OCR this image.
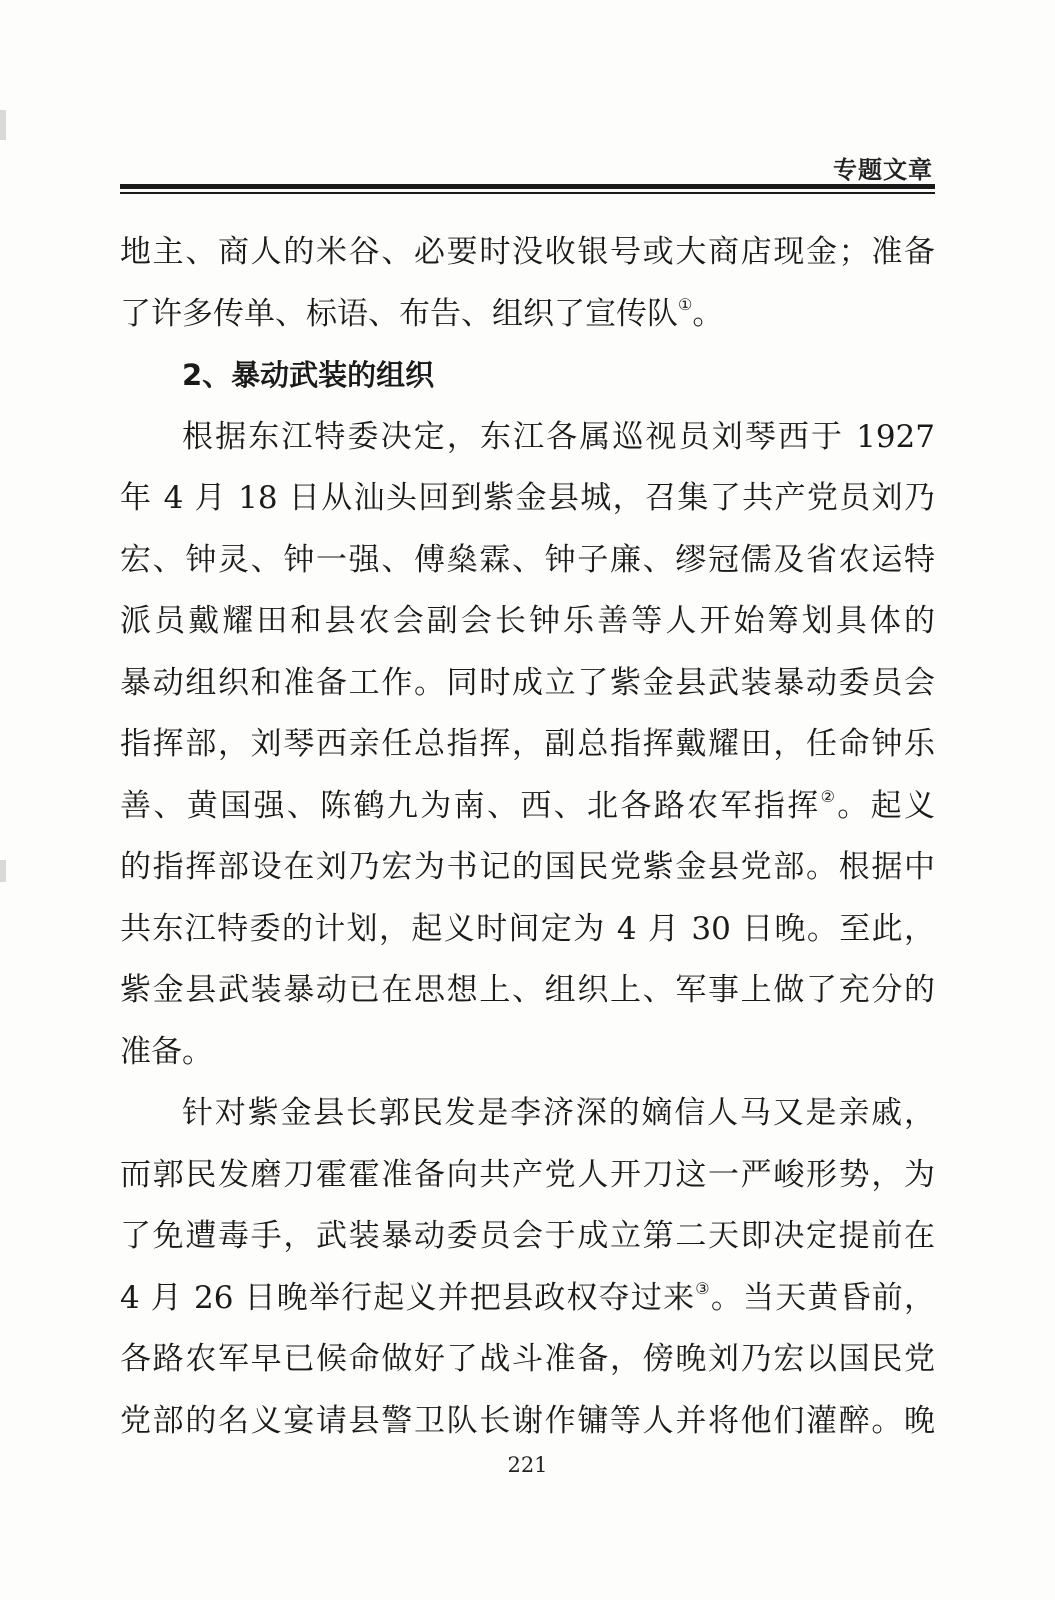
专题文章
地主、商人的米谷、必要时没收银号或大商店现金；准备
了许多传单、标语、布告、组织了宣传队①。
2、暴动武装的组织
根据东江特委决定，东江各属巡视员刘琴西于 1927
年 4 月 18 日从汕头回到紫金县城，召集了共产党员刘乃
宏、钟灵、钟一强、傅燊霖、钟子廉、缪冠儒及省农运特
派员戴耀田和县农会副会长钟乐善等人开始筹划具体的
暴动组织和准备工作。同时成立了紫金县武装暴动委员会
指挥部，刘琴西亲任总指挥，副总指挥戴耀田，任命钟乐
善、黄国强、陈鹤九为南、西、北各路农军指挥②。起义
的指挥部设在刘乃宏为书记的国民党紫金县党部。根据中
共东江特委的计划，起义时间定为 4 月 30 日晚。至此，
紫金县武装暴动已在思想上、组织上、军事上做了充分的
准备。
针对紫金县长郭民发是李济深的嫡信人马又是亲戚，
而郭民发磨刀霍霍准备向共产党人开刀这一严峻形势，为
了免遭毒手，武装暴动委员会于成立第二天即决定提前在
4 月 26 日晚举行起义并把县政权夺过来③。当天黄昏前，
各路农军早已候命做好了战斗准备，傍晚刘乃宏以国民党
党部的名义宴请县警卫队长谢作镛等人并将他们灌醉。晚
221
